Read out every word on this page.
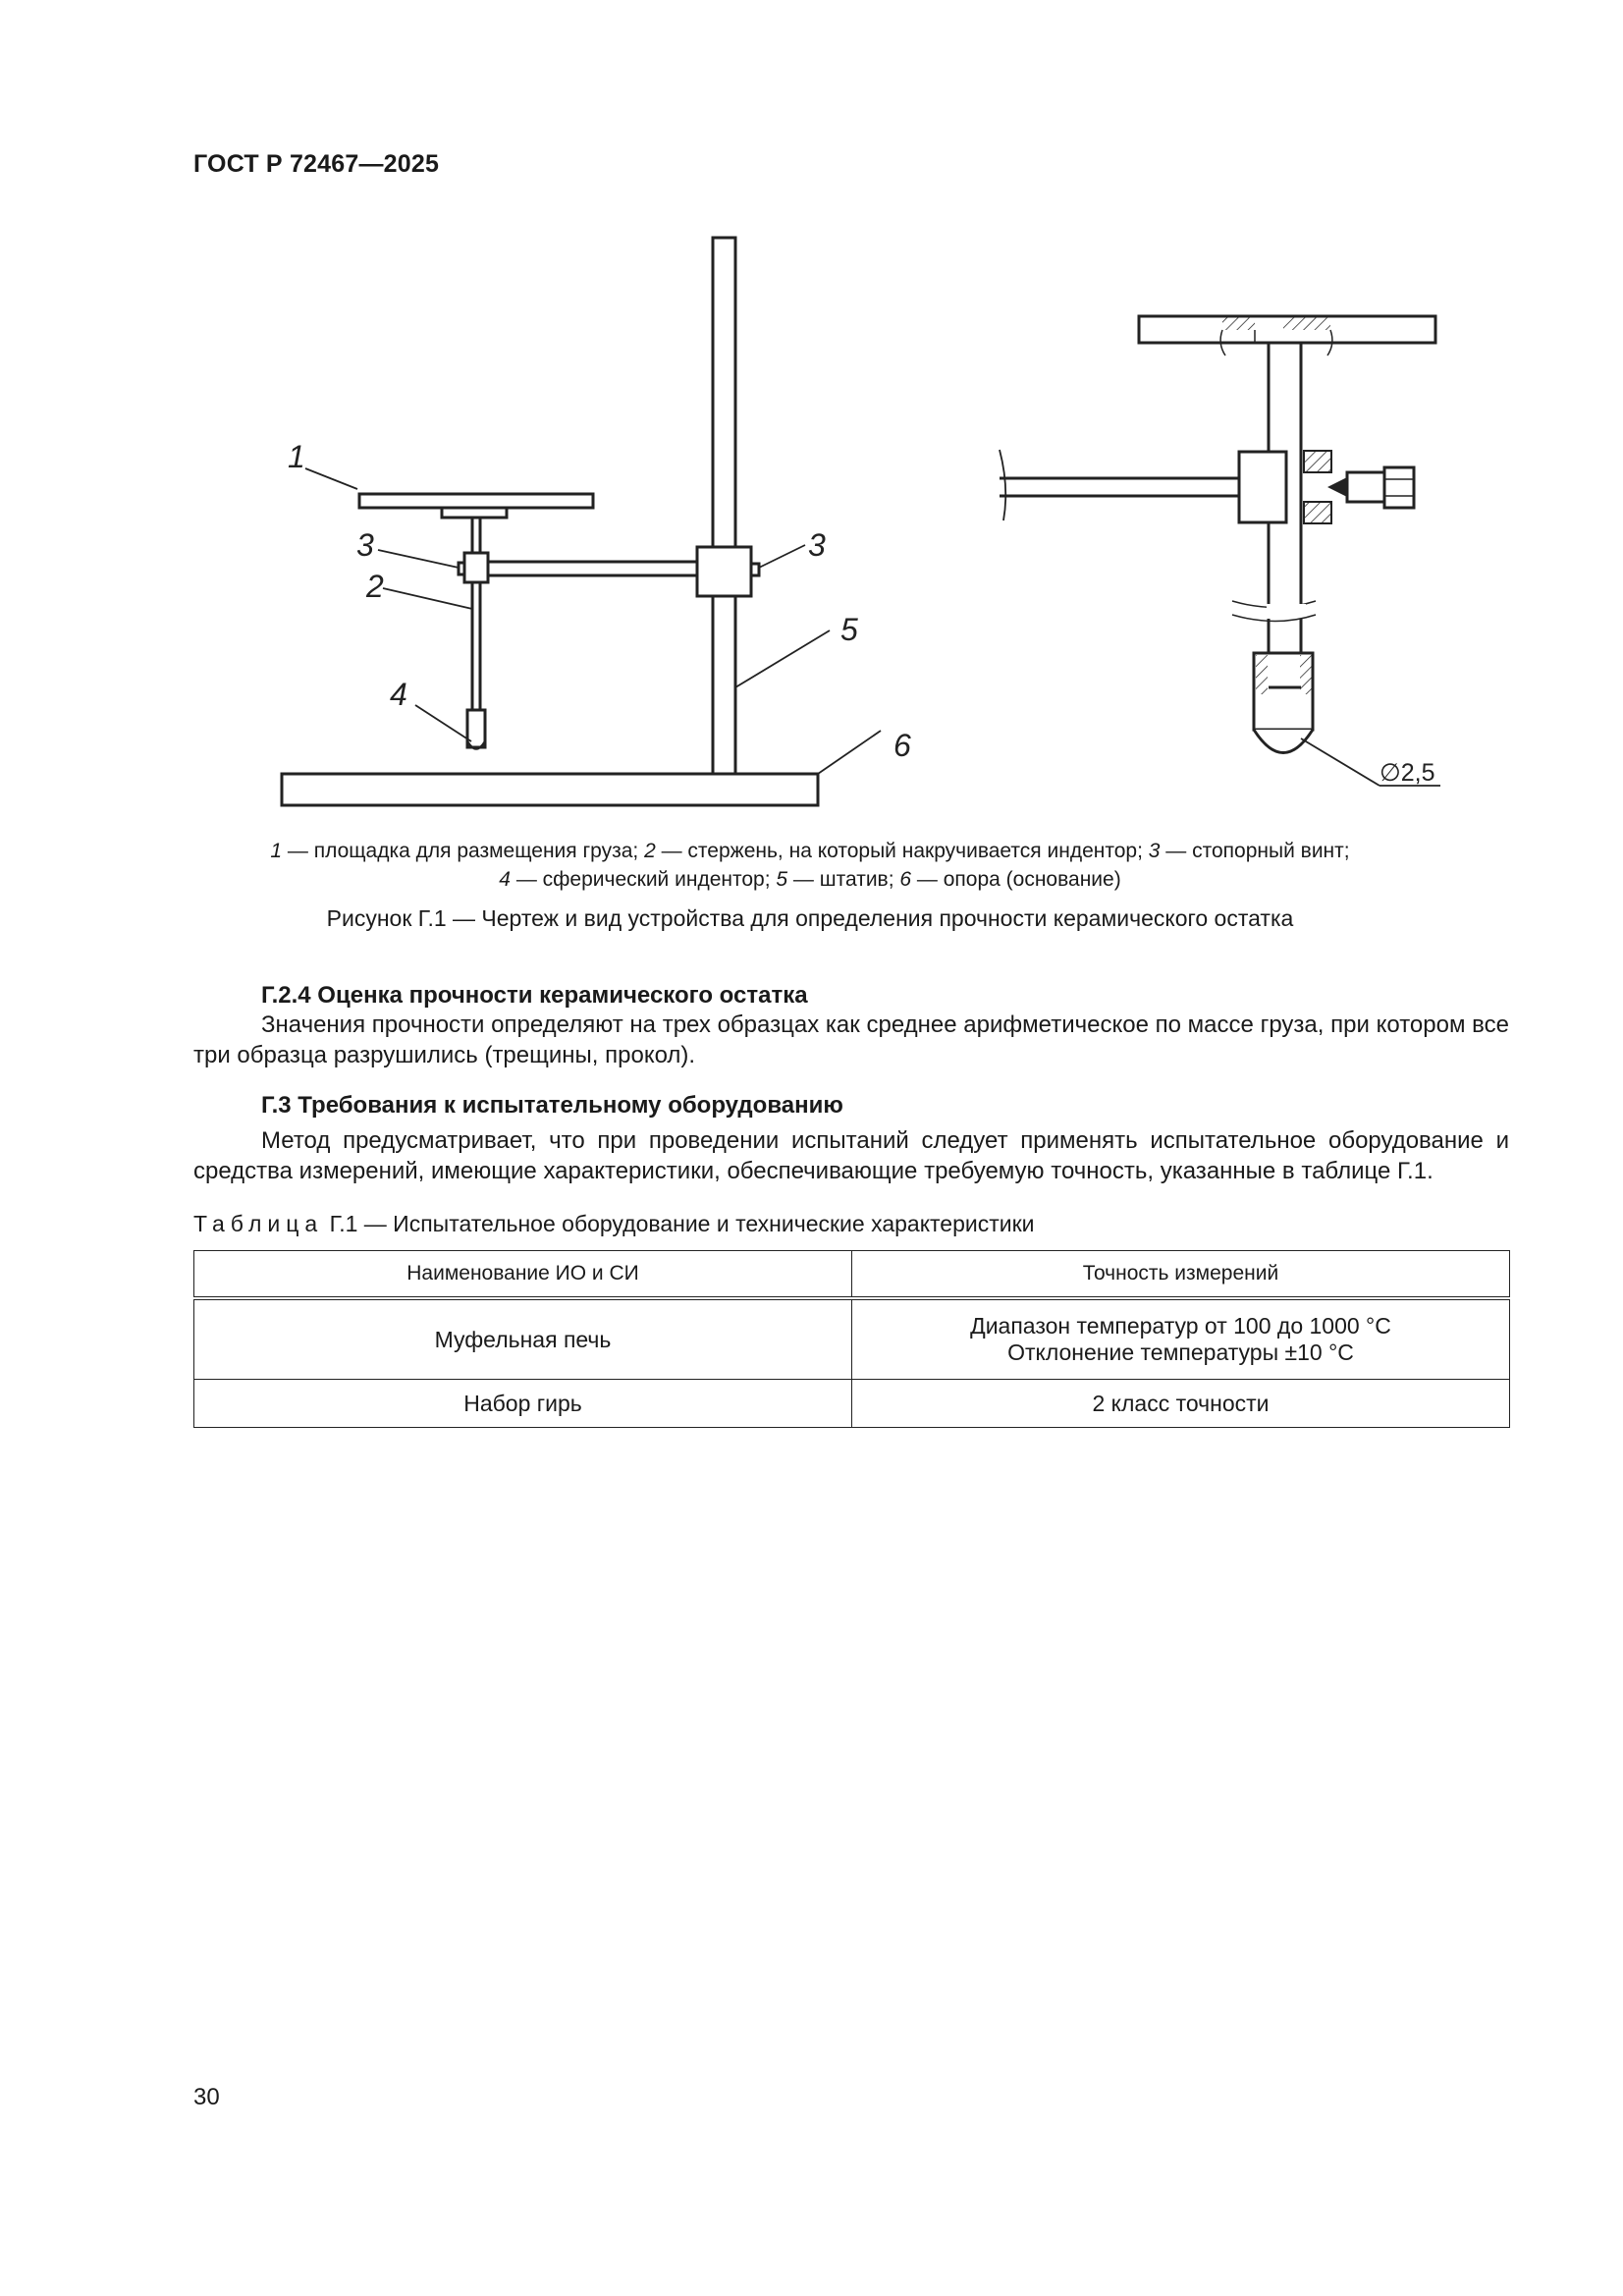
ГОСТ Р 72467—2025
1
3
2
4
3
5
6
∅2,5
1 — площадка для размещения груза; 2 — стержень, на который накручивается индентор; 3 — стопорный винт;
4 — сферический индентор; 5 — штатив; 6 — опора (основание)
Рисунок Г.1 — Чертеж и вид устройства для определения прочности керамического остатка
Г.2.4 Оценка прочности керамического остатка
Значения прочности определяют на трех образцах как среднее арифметическое по массе груза, при котором все три образца разрушились (трещины, прокол).
Г.3 Требования к испытательному оборудованию
Метод предусматривает, что при проведении испытаний следует применять испытательное оборудование и средства измерений, имеющие характеристики, обеспечивающие требуемую точность, указанные в таблице Г.1.
Таблица Г.1 — Испытательное оборудование и технические характеристики
Наименование ИО и СИ	Точность измерений
Муфельная печь	Диапазон температур от 100 до 1000 °С
Отклонение температуры ±10 °С

Набор гирь	2 класс точности
30
